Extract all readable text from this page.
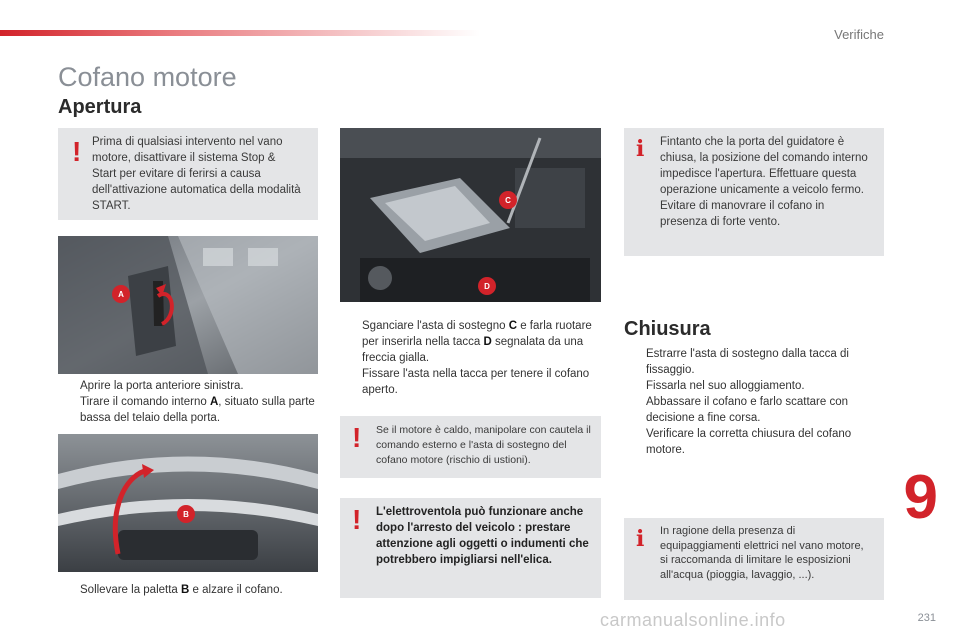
Verifiche
Cofano motore
Apertura
! Prima di qualsiasi intervento nel vano motore, disattivare il sistema Stop & Start per evitare di ferirsi a causa dell'attivazione automatica della modalità START.

A
Aprire la porta anteriore sinistra.
Tirare il comando interno A, situato sulla parte bassa del telaio della porta.
B
Sollevare la paletta B e alzare il cofano.
C
D
Sganciare l'asta di sostegno C e farla ruotare per inserirla nella tacca D segnalata da una freccia gialla.
Fissare l'asta nella tacca per tenere il cofano aperto.
! Se il motore è caldo, manipolare con cautela il comando esterno e l'asta di sostegno del cofano motore (rischio di ustioni).

! L'elettroventola può funzionare anche dopo l'arresto del veicolo : prestare attenzione agli oggetti o indumenti che potrebbero impigliarsi nell'elica.

i Fintanto che la porta del guidatore è chiusa, la posizione del comando interno impedisce l'apertura. Effettuare questa operazione unicamente a veicolo fermo. Evitare di manovrare il cofano in presenza di forte vento.

Chiusura
Estrarre l'asta di sostegno dalla tacca di fissaggio.
Fissarla nel suo alloggiamento.
Abbassare il cofano e farlo scattare con decisione a fine corsa.
Verificare la corretta chiusura del cofano motore.
i In ragione della presenza di equipaggiamenti elettrici nel vano motore, si raccomanda di limitare le esposizioni all'acqua (pioggia, lavaggio, ...).

9
231
carmanualsonline.info
